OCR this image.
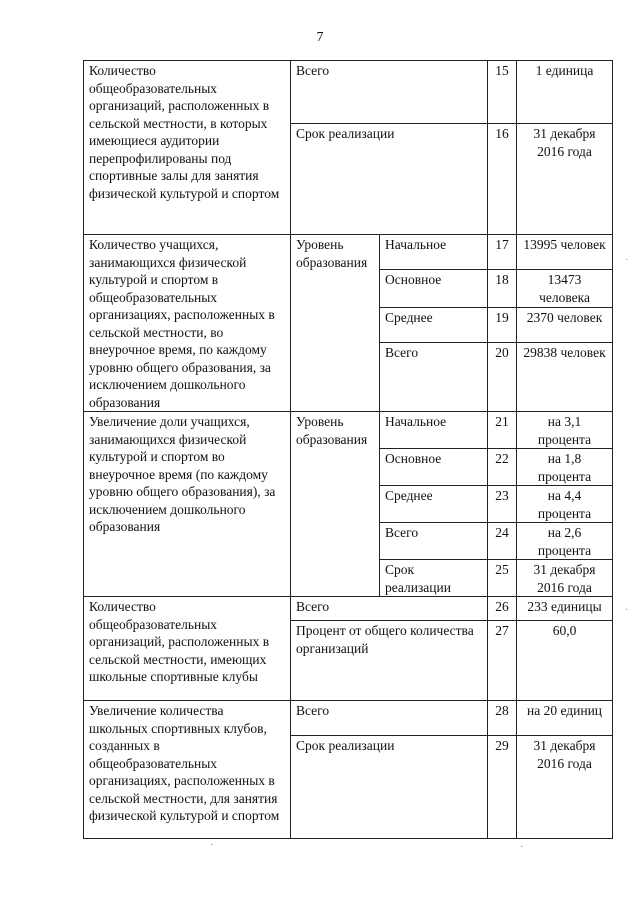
7
Количество общеобразовательных организаций, расположенных в сельской местности, в которых имеющиеся аудитории перепрофилированы под спортивные залы для занятия физической культурой и спортом	Всего		15	1 единица
	Срок реализации		16	31 декабря 2016 года
Количество учащихся, занимающихся физической культурой и спортом в общеобразовательных организациях, расположенных в сельской местности, во внеурочное время, по каждому уровню общего образования, за исключением дошкольного образования	Уровень образования	Начальное	17	13995 человек
		Основное	18	13473 человека
		Среднее	19	2370 человек
		Всего	20	29838 человек
Увеличение доли учащихся, занимающихся физической культурой и спортом во внеурочное время (по каждому уровню общего образования), за исключением дошкольного образования	Уровень образования	Начальное	21	на 3,1 процента
		Основное	22	на 1,8 процента
		Среднее	23	на 4,4 процента
		Всего	24	на 2,6 процента
		Срок реализации	25	31 декабря 2016 года
Количество общеобразовательных организаций, расположенных в сельской местности, имеющих школьные спортивные клубы	Всего		26	233 единицы
	Процент от общего количества организаций		27	60,0
Увеличение количества школьных спортивных клубов, созданных в общеобразовательных организациях, расположенных в сельской местности, для занятия физической культурой и спортом	Всего		28	на 20 единиц
	Срок реализации		29	31 декабря 2016 года
·	·
·
·
